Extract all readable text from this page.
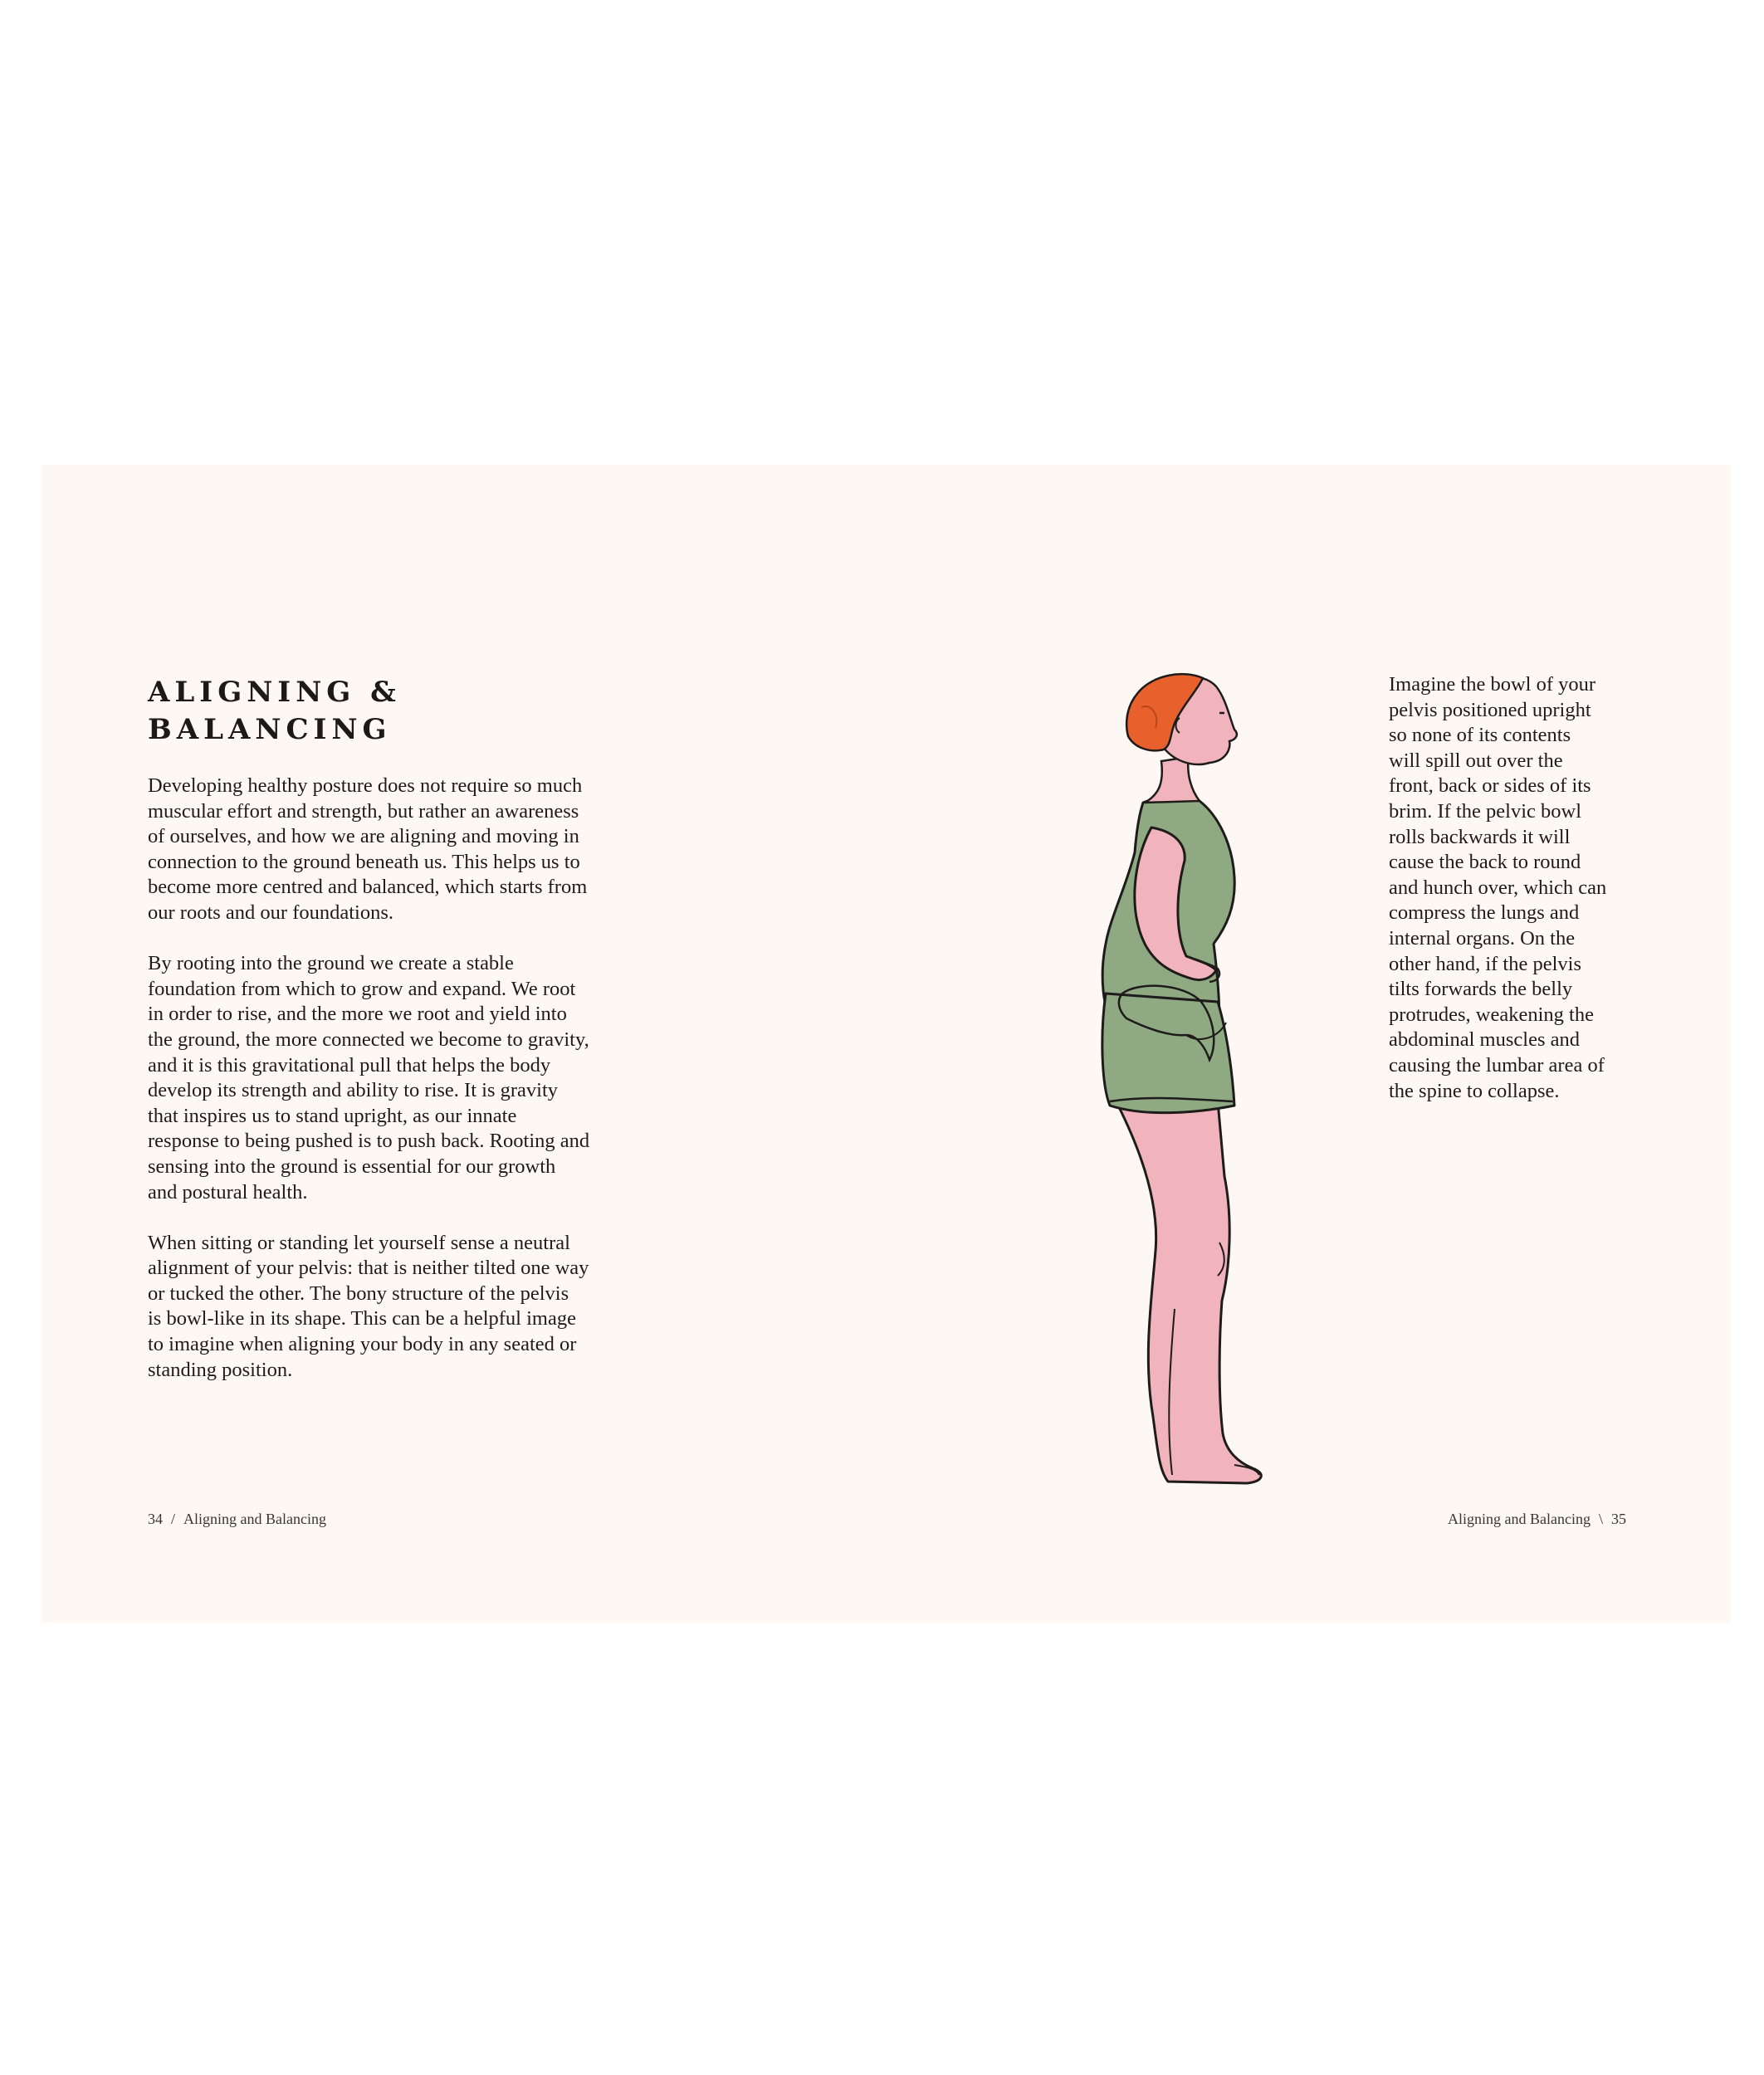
ALIGNING &
BALANCING

Developing healthy posture does not require so much
muscular effort and strength, but rather an awareness
of ourselves, and how we are aligning and moving in
connection to the ground beneath us. This helps us to
become more centred and balanced, which starts from
our roots and our foundations.

By rooting into the ground we create a stable
foundation from which to grow and expand. We root
in order to rise, and the more we root and yield into
the ground, the more connected we become to gravity,
and it is this gravitational pull that helps the body
develop its strength and ability to rise. It is gravity
that inspires us to stand upright, as our innate
response to being pushed is to push back. Rooting and
sensing into the ground is essential for our growth
and postural health.

When sitting or standing let yourself sense a neutral
alignment of your pelvis: that is neither tilted one way
or tucked the other. The bony structure of the pelvis
is bowl-like in its shape. This can be a helpful image
to imagine when aligning your body in any seated or
standing position.

Imagine the bowl of your
pelvis positioned upright
so none of its contents
will spill out over the
front, back or sides of its
brim. If the pelvic bowl
rolls backwards it will
cause the back to round
and hunch over, which can
compress the lungs and
internal organs. On the
other hand, if the pelvis
tilts forwards the belly
protrudes, weakening the
abdominal muscles and
causing the lumbar area of
the spine to collapse.

34 / Aligning and Balancing	Aligning and Balancing \ 35
